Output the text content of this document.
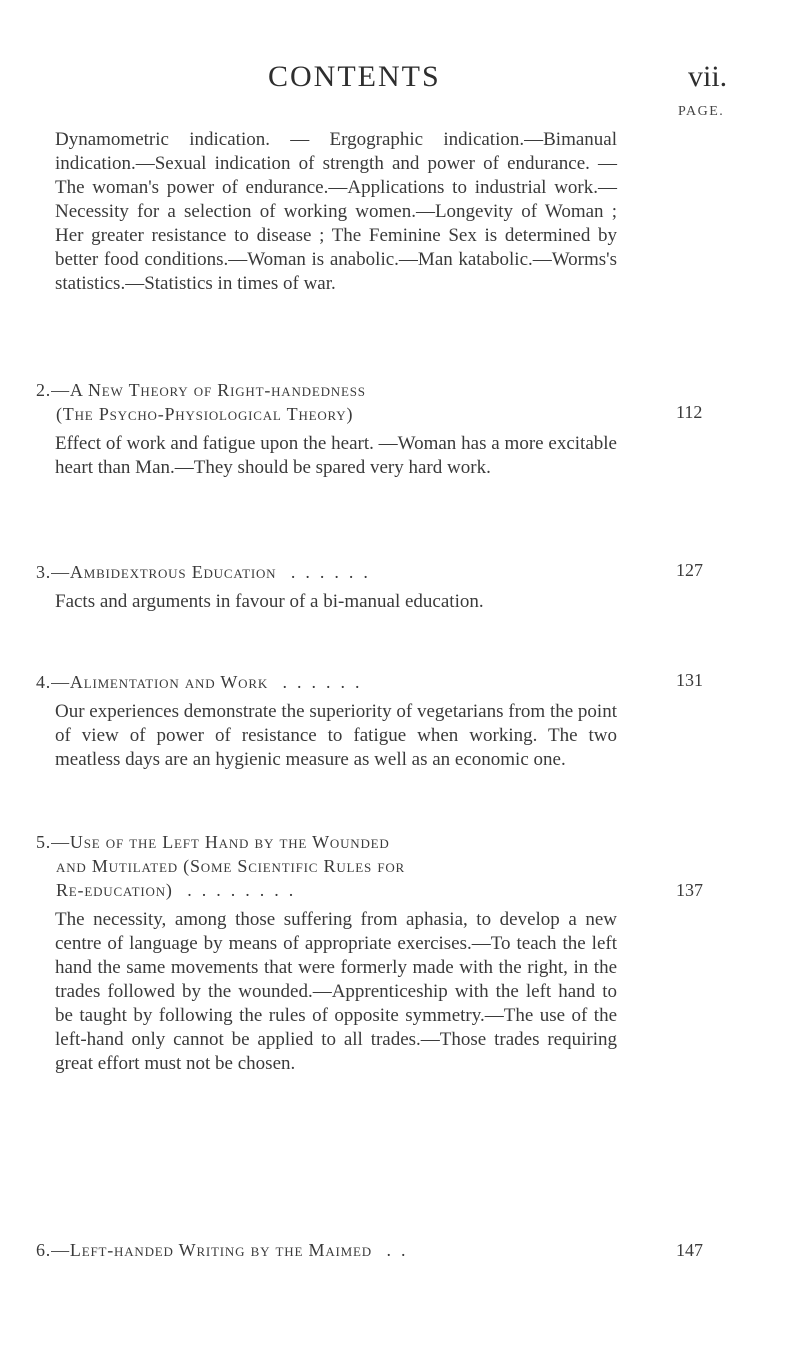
CONTENTS	vii.
PAGE.
Dynamometric indication. — Ergographic indication.—Bimanual indication.—Sexual indication of strength and power of endurance. — The woman's power of endurance.—Applications to industrial work.—Necessity for a selection of working women.—Longevity of Woman ; Her greater resistance to disease ; The Feminine Sex is determined by better food conditions.—Woman is anabolic.—Man katabolic.—Worms's statistics.—Statistics in times of war.
2.—A New Theory of Right-handedness
(The Psycho-Physiological Theory)	112
Effect of work and fatigue upon the heart. —Woman has a more excitable heart than Man.—They should be spared very hard work.
3.—Ambidextrous Education ......	127
Facts and arguments in favour of a bi-manual education.
4.—Alimentation and Work ......	131
Our experiences demonstrate the superiority of vegetarians from the point of view of power of resistance to fatigue when working. The two meatless days are an hygienic measure as well as an economic one.
5.—Use of the Left Hand by the Wounded
and Mutilated (Some Scientific Rules for
Re-education) ........	137
The necessity, among those suffering from aphasia, to develop a new centre of language by means of appropriate exercises.—To teach the left hand the same movements that were formerly made with the right, in the trades followed by the wounded.—Apprenticeship with the left hand to be taught by following the rules of opposite symmetry.—The use of the left-hand only cannot be applied to all trades.—Those trades requiring great effort must not be chosen.
6.—Left-handed Writing by the Maimed ..	147
